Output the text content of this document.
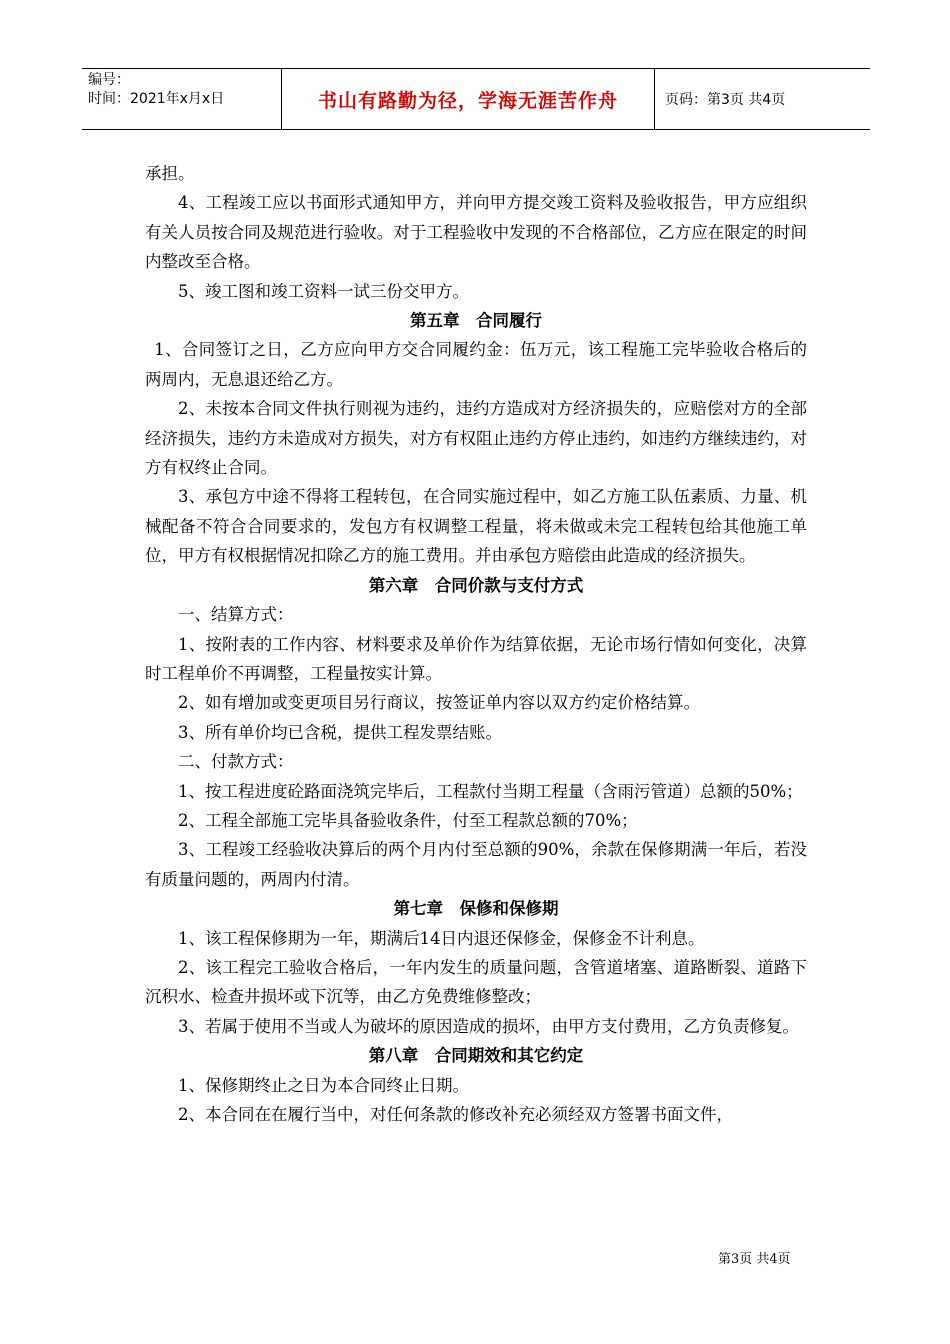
编号：
时间：2021年x月x日	书山有路勤为径，学海无涯苦作舟	页码：第3页 共4页

承担。

4、工程竣工应以书面形式通知甲方，并向甲方提交竣工资料及验收报告，甲方应组织有关人员按合同及规范进行验收。对于工程验收中发现的不合格部位，乙方应在限定的时间内整改至合格。

5、竣工图和竣工资料一试三份交甲方。

第五章　合同履行

1、合同签订之日，乙方应向甲方交合同履约金：伍万元，该工程施工完毕验收合格后的两周内，无息退还给乙方。

2、未按本合同文件执行则视为违约，违约方造成对方经济损失的，应赔偿对方的全部经济损失，违约方未造成对方损失，对方有权阻止违约方停止违约，如违约方继续违约，对方有权终止合同。

3、承包方中途不得将工程转包，在合同实施过程中，如乙方施工队伍素质、力量、机械配备不符合合同要求的，发包方有权调整工程量，将未做或未完工程转包给其他施工单位，甲方有权根据情况扣除乙方的施工费用。并由承包方赔偿由此造成的经济损失。

第六章　合同价款与支付方式

一、结算方式：

1、按附表的工作内容、材料要求及单价作为结算依据，无论市场行情如何变化，决算时工程单价不再调整，工程量按实计算。

2、如有增加或变更项目另行商议，按签证单内容以双方约定价格结算。

3、所有单价均已含税，提供工程发票结账。

二、付款方式：

1、按工程进度砼路面浇筑完毕后，工程款付当期工程量（含雨污管道）总额的50%；

2、工程全部施工完毕具备验收条件，付至工程款总额的70%；

3、工程竣工经验收决算后的两个月内付至总额的90%，余款在保修期满一年后，若没有质量问题的，两周内付清。

第七章　保修和保修期

1、该工程保修期为一年，期满后14日内退还保修金，保修金不计利息。

2、该工程完工验收合格后，一年内发生的质量问题，含管道堵塞、道路断裂、道路下沉积水、检查井损坏或下沉等，由乙方免费维修整改；

3、若属于使用不当或人为破坏的原因造成的损坏，由甲方支付费用，乙方负责修复。

第八章　合同期效和其它约定

1、保修期终止之日为本合同终止日期。

2、本合同在在履行当中，对任何条款的修改补充必须经双方签署书面文件，

第3页 共4页
